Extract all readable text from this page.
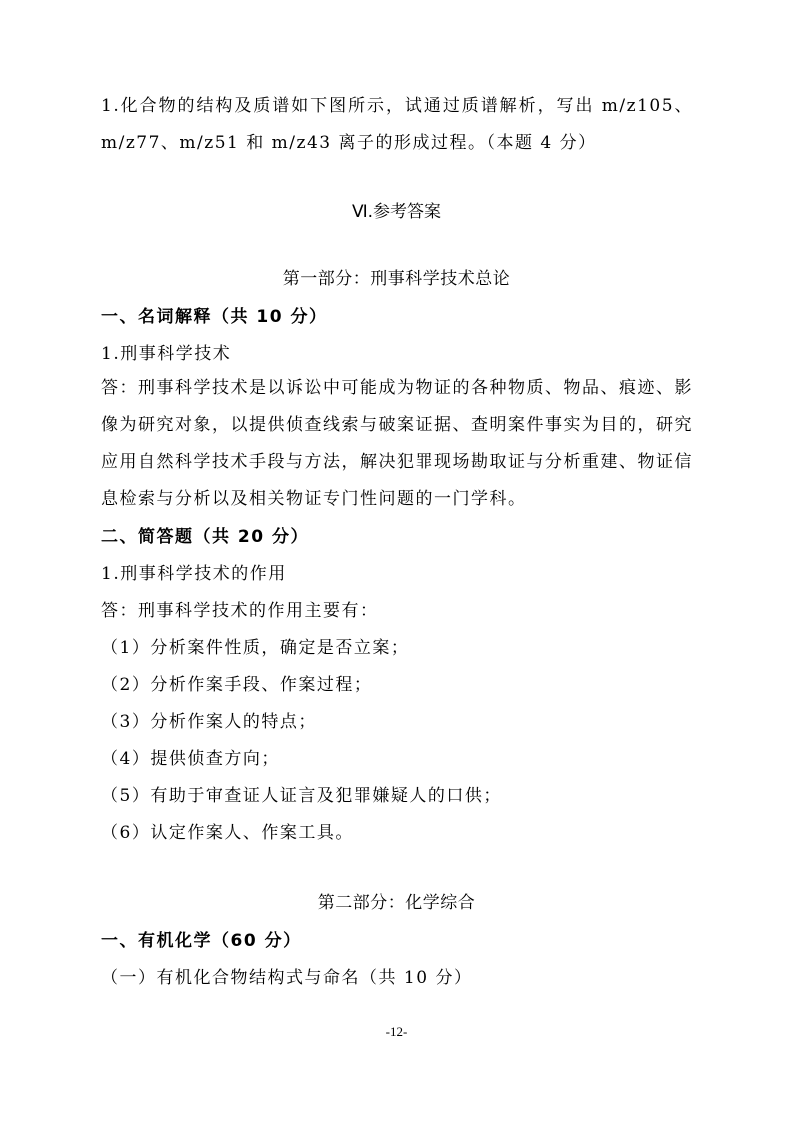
1.化合物的结构及质谱如下图所示，试通过质谱解析，写出 m/z105、m/z77、m/z51 和 m/z43 离子的形成过程。（本题 4 分）

Ⅵ.参考答案
第一部分：刑事科学技术总论
一、名词解释（共 10 分）
1.刑事科学技术

答：刑事科学技术是以诉讼中可能成为物证的各种物质、物品、痕迹、影像为研究对象，以提供侦查线索与破案证据、查明案件事实为目的，研究应用自然科学技术手段与方法，解决犯罪现场勘取证与分析重建、物证信息检索与分析以及相关物证专门性问题的一门学科。

二、简答题（共 20 分）
1.刑事科学技术的作用
答：刑事科学技术的作用主要有：
（1）分析案件性质，确定是否立案；
（2）分析作案手段、作案过程；
（3）分析作案人的特点；
（4）提供侦查方向；
（5）有助于审查证人证言及犯罪嫌疑人的口供；
（6）认定作案人、作案工具。
第二部分：化学综合
一、有机化学（60 分）
（一）有机化合物结构式与命名（共 10 分）
-12-
